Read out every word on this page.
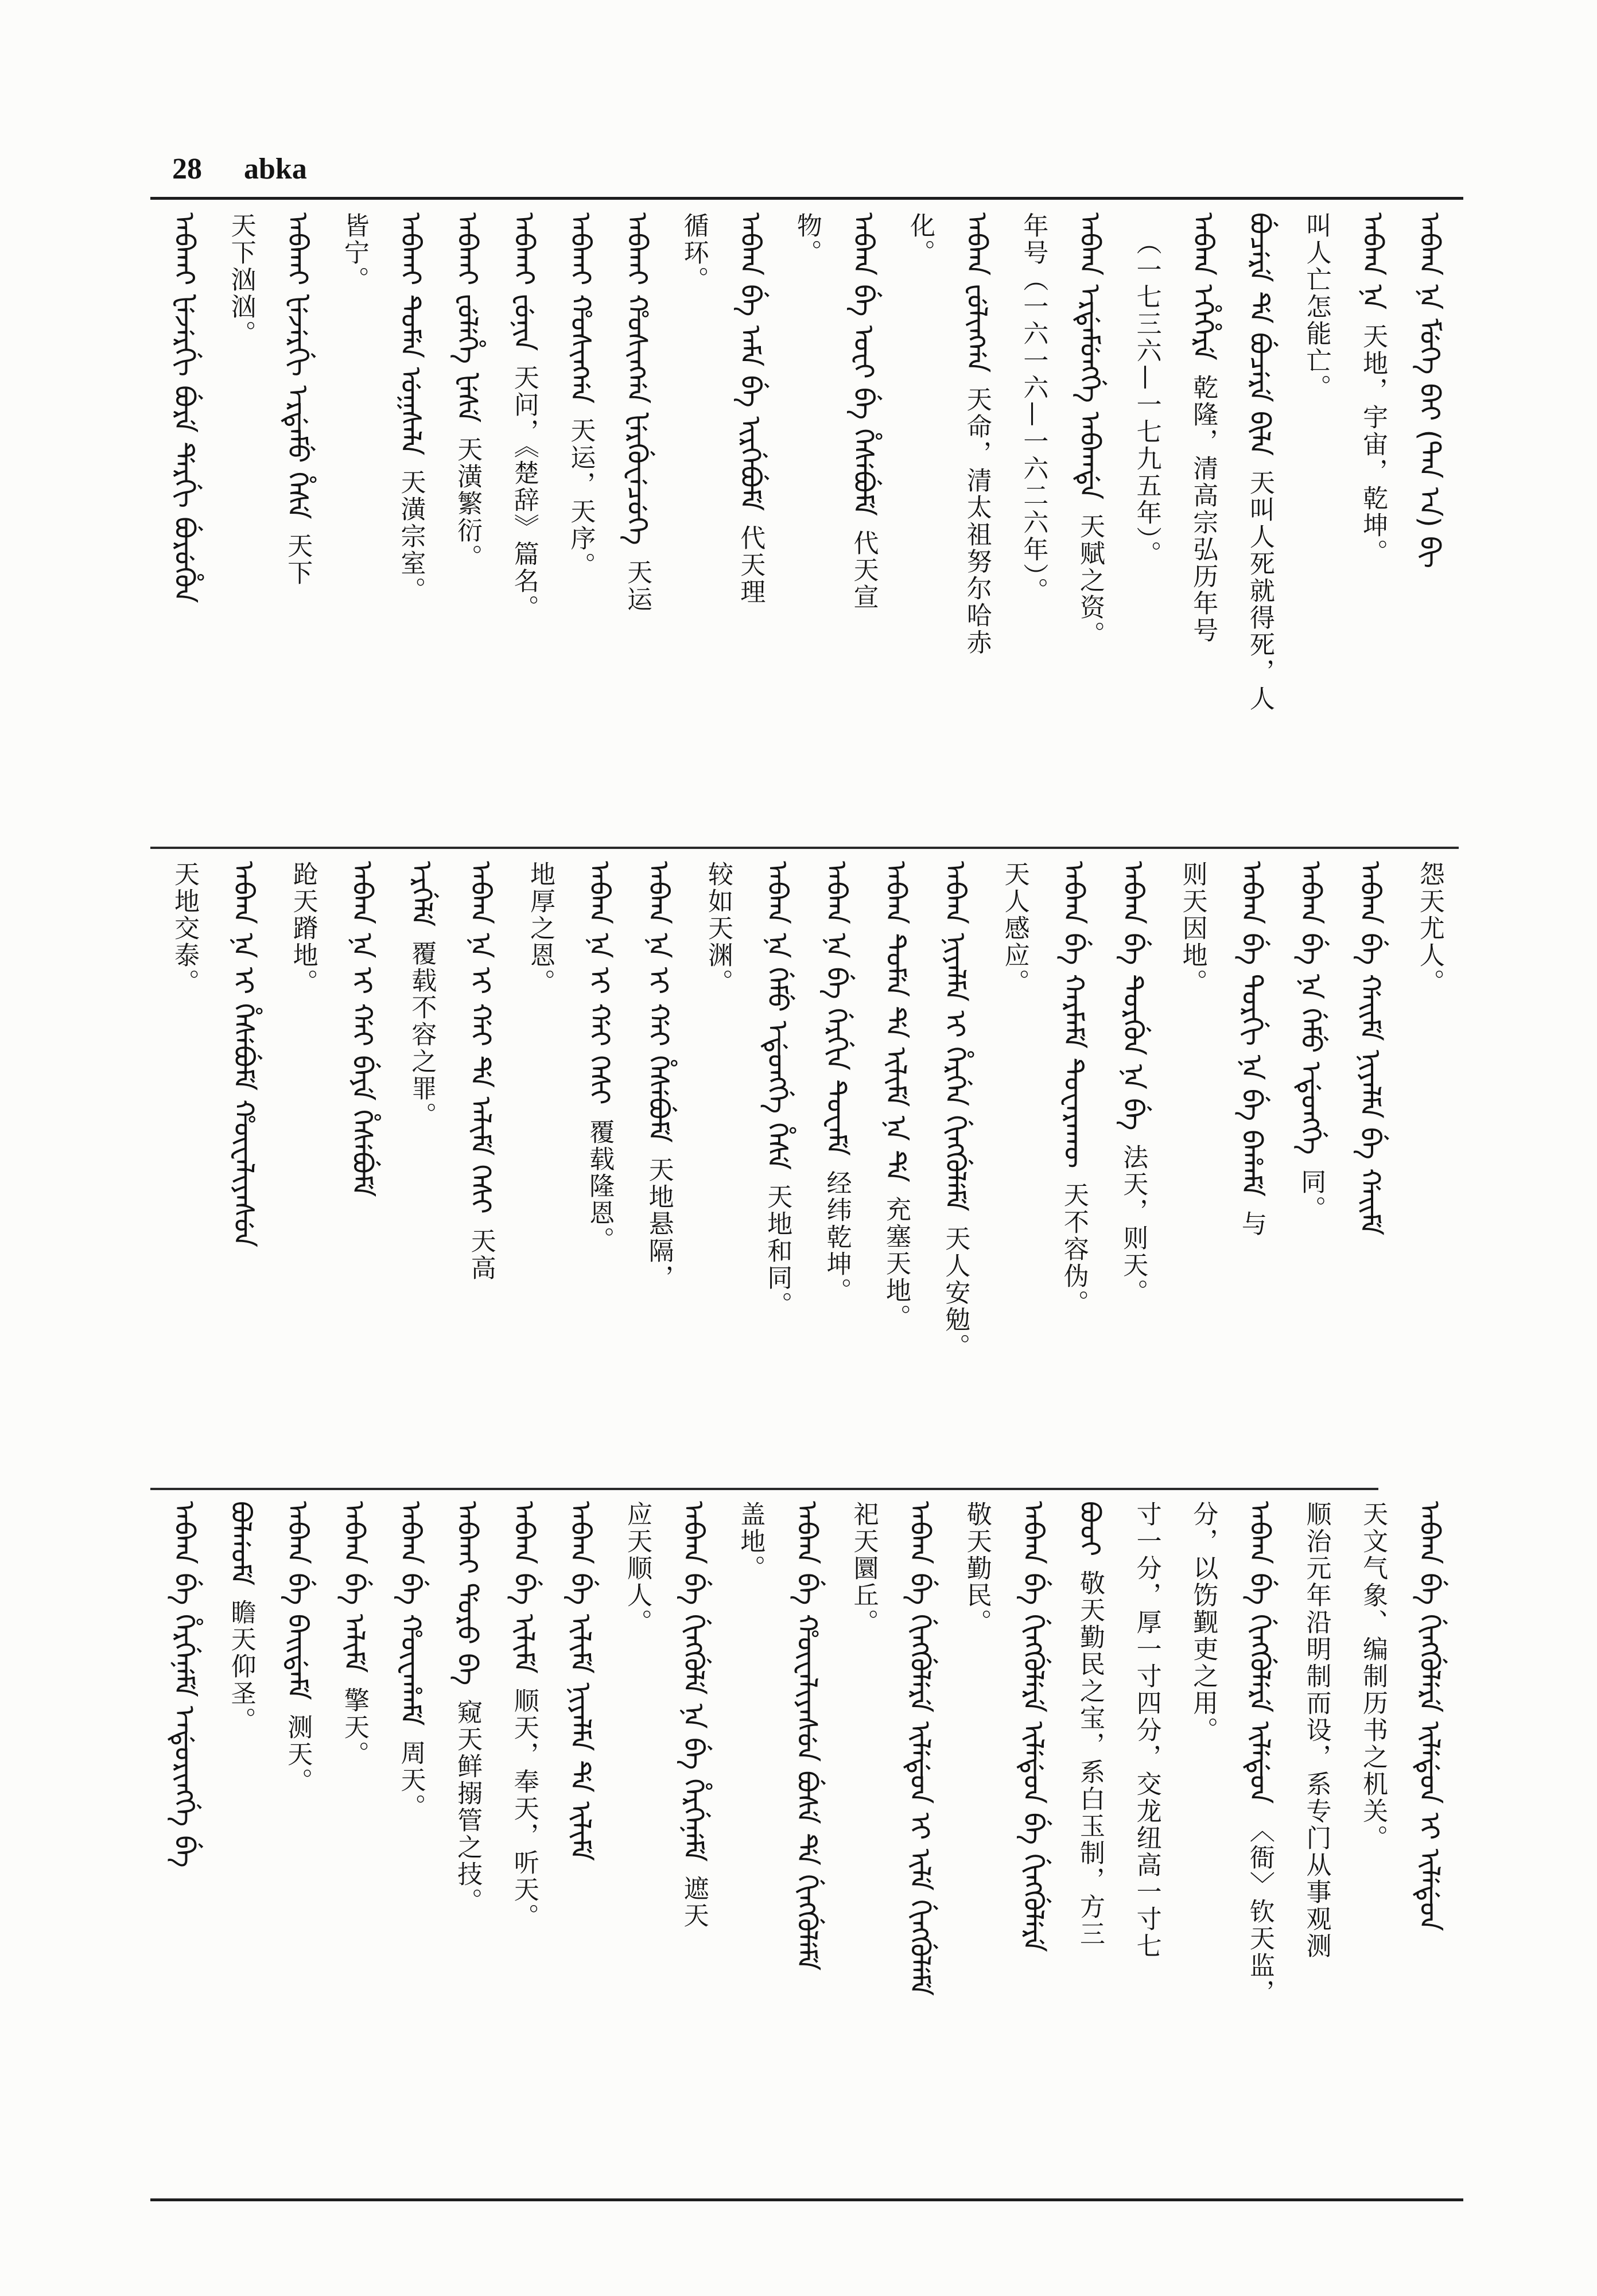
28 abka
ᠠᠪᡴᠠ ᠨᠠ ᠮᡠᡴᡝ ᠪᠠᡳ (ᡨᠠᠨ ᡝᠨ) ᠪᡳ
ᠠᠪᡴᠠ ᠨᠠ
天地，宇宙，乾坤。
叫人亡怎能亡。
ᠪᡠᠴᡝᡵᡝ ᡩᡝ ᠪᡠᠴᡝᡵᡝ ᠪᡳᠯᠠ
天叫人死就得死，人
ᠠᠪᡴᠠ ᡝᡥᡝᡥᡝᡵᡝ
乾隆，清高宗弘历年号
（一七三六—一七九五年）。
ᠠᠪᡴᠠ ᡝᡵᡩᡝᠮᡠᠩᡤᡝ ᠠᠪᡴᠠᡩᡝ
天赋之资。
年号（一六一六—一六二六年）。
ᠠᠪᡴᠠ ᡶᡠᠯᡳᠩᡤᠠ
天命，清太祖努尔哈赤
化。
ᠠᠪᡴᠠ ᠪᡝ ᠣᡶᡳ ᠪᡝ ᡥᡝᠰᡝᠪᡠᠮᡝ
代天宣
物。
ᠠᠪᡴᠠ ᠪᡝ ᠠᠮᠠ ᠪᡝ ᡳᡵᡤᡝᠪᡠᠮᡝ
代天理
循环。
ᠠᠪᡴᠠᡳ ᡥᠣᠰᡳᠩᡤᠠ ᡶᡝᡵᡤᡠᠸᡝᠴᡠᡴᡝ
天运
ᠠᠪᡴᠠᡳ ᡥᠣᠰᡳᠩᡤᠠ
天运，天序。
ᠠᠪᡴᠠᡳ ᡶᡠᠨᡳᠨ
天问，《楚辞》篇名。
ᠠᠪᡴᠠᡳ ᡶᡠᠯᡝᡥᡝ ᡶᡝᠰᡝ
天潢繁衍。
ᠠᠪᡴᠠᡳ ᡨᡠᠮᡝᠨ ᡠᡴᠰᠠᠯᠠ
天潢宗室。
皆宁。
ᠠᠪᡴᠠᡳ ᡶᡝᠵᡝᡵᡤᡳ ᡝᡵᡩᡝᠮᡠ ᡥᡝᠰᡝ
天下
天下汹汹。
ᠠᠪᡴᠠᡳ ᡶᡝᠵᡝᡵᡤᡳ ᠪᡠᡵᡝ ᡩᡝᡵᡤᡳ ᠪᡠᡵᡠᡥᡠᠨ
怨天尤人。
ᠠᠪᡴᠠ ᠪᡝ ᡤᠠᡳᠮᡝ ᠨᡳᠶᠠᠯᠮᠠ ᠪᡝ ᡤᠠᡳᠮᡝ
ᠠᠪᡴᠠ ᠪᡝ ᠨᠠ ᡤᡝᠮᡠ ᡝᡩᡠᠩᡤᡝ
同。
ᠠᠪᡴᠠ ᠪᡝ ᡨᠣᡵᡤᡳ ᠨᠠ ᠪᡝ ᠪᠠᡥᠠᠮᡝ
与
则天因地。
ᠠᠪᡴᠠ ᠪᡝ ᡨᡠᡵᡤᡠᠨ ᠨᠠ ᠪᡝ
法天，则天。
ᠠᠪᡴᠠ ᠪᡝ ᡴᠠᡵᠮᠠᠮᡝ ᡨᡠᠸᠠᡵᠠᡴᡡ
天不容伪。
天人感应。
ᠠᠪᡴᠠ ᠨᡳᠶᠠᠯᠮᠠ ᡳ ᡥᡝᡵᡤᡝᠨ ᡤᡳᠩᡤᡠᠯᡝᠮᡝ
天人安勉。
ᠠᠪᡴᠠ ᡨᡠᠮᡝᠨ ᡩᡝ ᡳᠯᡳᠮᡝ ᠨᠠ ᡩᡝ
充塞天地。
ᠠᠪᡴᠠ ᠨᠠ ᠪᡝ ᡤᡝᡵᡤᡳᠨ ᡨᡠᠸᠠᠮᡝ
经纬乾坤。
ᠠᠪᡴᠠ ᠨᠠ ᡤᡝᠮᡠ ᡝᡩᡠᠩᡤᡝ ᡥᡝᠰᡝ
天地和同。
较如天渊。
ᠠᠪᡴᠠ ᠨᠠ ᡳ ᡤᠠᡳ ᡥᡝᠰᡝᠪᡠᠮᡝ
天地悬隔，
ᠠᠪᡴᠠ ᠨᠠ ᡳ ᡤᠠᡳ ᡴᡝᠰᡳ
覆载隆恩。
地厚之恩。
ᠠᠪᡴᠠ ᠨᠠ ᡳ ᡤᠠᡳ ᡩᡝ ᠠᠯᡳᠮᡝ ᡴᡝᠰᡳ
天高
ᡝᡵᡤᡝᠯᡝ
覆载不容之罪。
ᠠᠪᡴᠠ ᠨᠠ ᡳ ᡤᠠᡳ ᠪᡝᠶᡝ ᡥᡝᠰᡝᠪᡠᠮᡝ
跄天蹐地。
ᠠᠪᡴᠠ ᠨᠠ ᡳ ᡥᡝᠰᡝᠪᡠᠮᡝ ᡥᡡᠸᠠᠯᡳᠶᠠᠰᡠᠨ
天地交泰。
ᠠᠪᡴᠠ ᠪᡝ ᡤᡳᠩᡤᡠᠯᡝᡵᡝ ᡳᠯᡝᡩᡠᠨ ᡳ ᡳᠯᡝᡩᡠᠨ
天文气象、编制历书之机关。
顺治元年沿明制而设，系专门从事观测
ᠠᠪᡴᠠ ᠪᡝ ᡤᡳᠩᡤᡠᠯᡝᡵᡝ ᡳᠯᡝᡩᡠᠨ
〈衙〉钦天监，
分，以饬觐吏之用。
寸一分，厚一寸四分，交龙纽高一寸七
ᠪᠣᠣᡳ
敬天勤民之宝，系白玉制，方三
ᠠᠪᡴᠠ ᠪᡝ ᡤᡳᠩᡤᡠᠯᡝᡵᡝ ᡳᠯᡝᡩᡠᠨ ᠪᡝ ᡤᡳᠩᡤᡠᠯᡝᡵᡝ
敬天勤民。
ᠠᠪᡴᠠ ᠪᡝ ᡤᡳᠩᡤᡠᠯᡝᡵᡝ ᡳᠯᡝᡩᡠᠨ ᡳ ᡳᠯᡝ ᡤᡳᠩᡤᡠᠯᡝᠮᡝ
祀天圜丘。
ᠠᠪᡴᠠ ᠪᡝ ᡥᡡᠸᠠᠯᡳᠶᠠᠰᡠᠨ ᠪᡠᠰᡝ ᡩᡝ ᡤᡳᠩᡤᡠᠯᡝᠮᡝ
盖地。
ᠠᠪᡴᠠ ᠪᡝ ᡤᡳᠩᡤᡠᠯᡝ ᠨᠠ ᠪᡝ ᡥᡝᡵᡤᡝᠨᡝᠮᡝ
遮天
应天顺人。
ᠠᠪᡴᠠ ᠪᡝ ᡳᠯᡳᠮᡝ ᠨᡳᠶᠠᠯᠮᠠ ᡩᡝ ᡳᠯᡳᠮᡝ
ᠠᠪᡴᠠ ᠪᡝ ᡳᠯᡳᠮᡝ
顺天，奉天，听天。
ᠠᠪᡴᠠᡳ ᡩᠣᡵᠣ ᠪᠠ
窥天鲜搦管之技。
ᠠᠪᡴᠠ ᠪᡝ ᡥᡡᠸᠠᡥᠠᠮᡝ
周天。
ᠠᠪᡴᠠ ᠪᡝ ᠠᠯᡳᠮᡝ
擎天。
ᠠᠪᡴᠠ ᠪᡝ ᠪᠠᡳᡩᠠᠮᡝ
测天。
ᠪᠣᠯᡤᠣᠮᡝ
瞻天仰圣。
ᠠᠪᡴᠠ ᠪᡝ ᡥᡝᡵᡤᡝᠨᡝᠮᡝ ᡝᠨᡩᡠᡵᡳᠩᡤᡝ ᠪᡝ
